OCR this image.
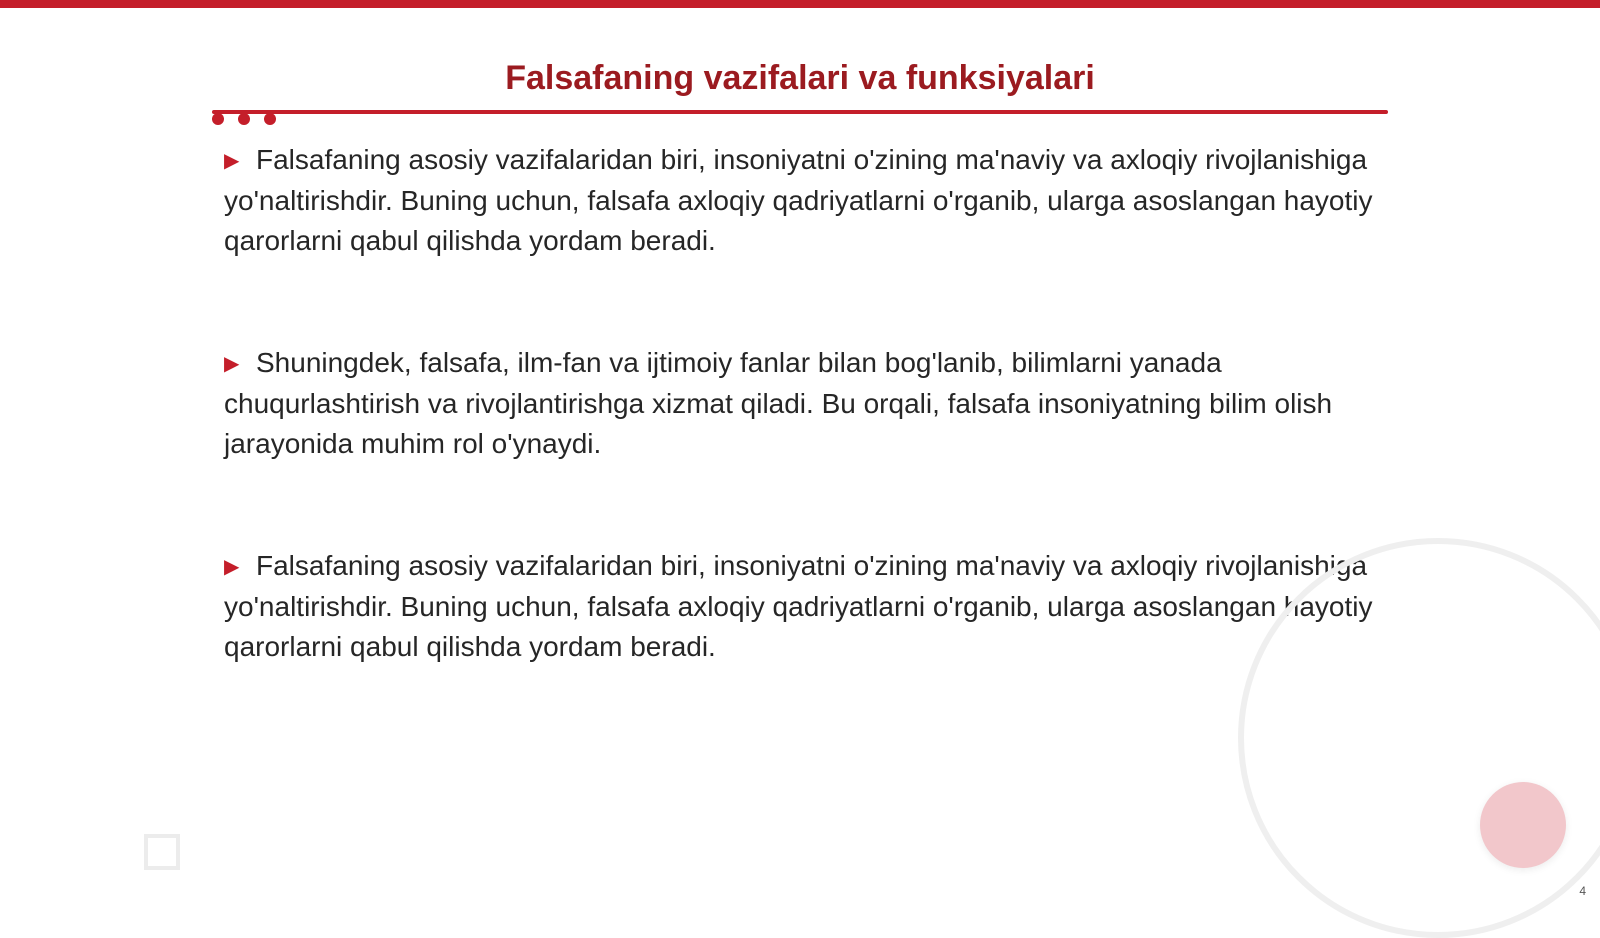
Falsafaning vazifalari va funksiyalari

▶ Falsafaning asosiy vazifalaridan biri, insoniyatni o'zining ma'naviy va axloqiy rivojlanishiga yo'naltirishdir. Buning uchun, falsafa axloqiy qadriyatlarni o'rganib, ularga asoslangan hayotiy qarorlarni qabul qilishda yordam beradi.

▶ Shuningdek, falsafa, ilm-fan va ijtimoiy fanlar bilan bog'lanib, bilimlarni yanada chuqurlashtirish va rivojlantirishga xizmat qiladi. Bu orqali, falsafa insoniyatning bilim olish jarayonida muhim rol o'ynaydi.

▶ Falsafaning asosiy vazifalaridan biri, insoniyatni o'zining ma'naviy va axloqiy rivojlanishiga yo'naltirishdir. Buning uchun, falsafa axloqiy qadriyatlarni o'rganib, ularga asoslangan hayotiy qarorlarni qabul qilishda yordam beradi.

4
